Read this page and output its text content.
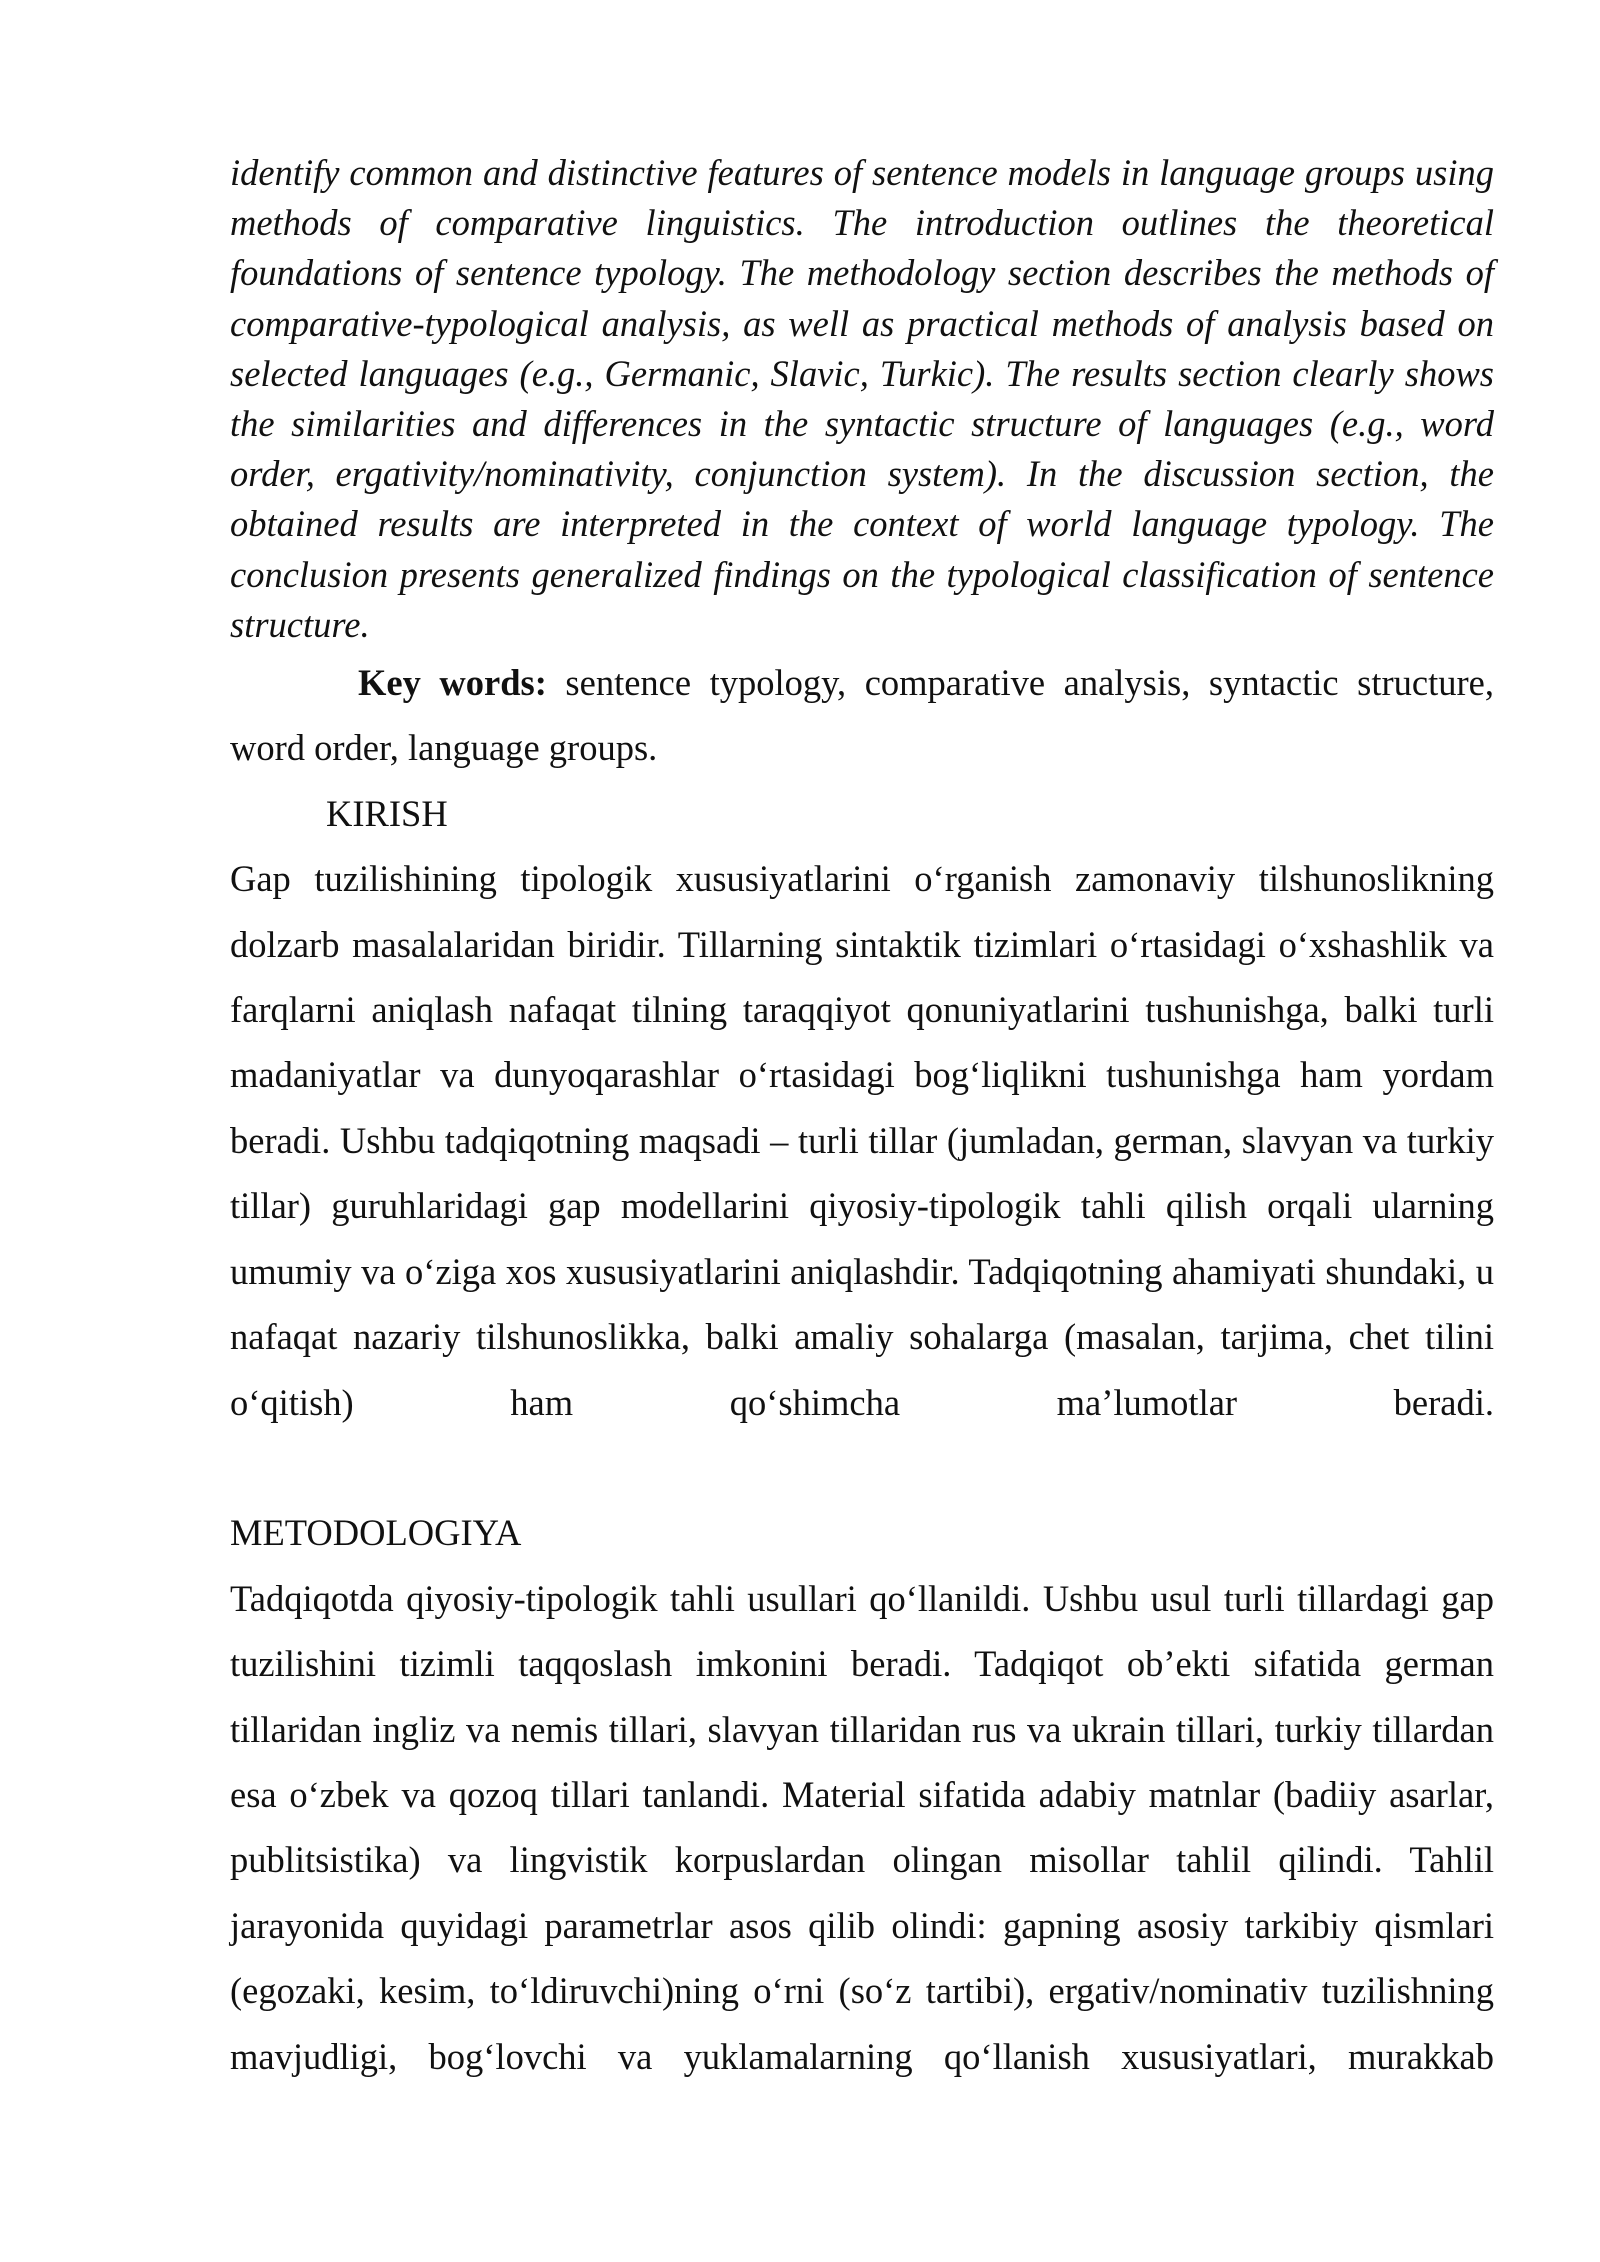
identify common and distinctive features of sentence models in language groups using methods of comparative linguistics. The introduction outlines the theoretical foundations of sentence typology. The methodology section describes the methods of comparative-typological analysis, as well as practical methods of analysis based on selected languages (e.g., Germanic, Slavic, Turkic). The results section clearly shows the similarities and differences in the syntactic structure of languages (e.g., word order, ergativity/nominativity, conjunction system). In the discussion section, the obtained results are interpreted in the context of world language typology. The conclusion presents generalized findings on the typological classification of sentence structure.

Key words: sentence typology, comparative analysis, syntactic structure, word order, language groups.

KIRISH

Gap tuzilishining tipologik xususiyatlarini o‘rganish zamonaviy tilshunoslikning dolzarb masalalaridan biridir. Tillarning sintaktik tizimlari o‘rtasidagi o‘xshashlik va farqlarni aniqlash nafaqat tilning taraqqiyot qonuniyatlarini tushunishga, balki turli madaniyatlar va dunyoqarashlar o‘rtasidagi bog‘liqlikni tushunishga ham yordam beradi. Ushbu tadqiqotning maqsadi – turli tillar (jumladan, german, slavyan va turkiy tillar) guruhlaridagi gap modellarini qiyosiy-tipologik tahli qilish orqali ularning umumiy va o‘ziga xos xususiyatlarini aniqlashdir. Tadqiqotning ahamiyati shundaki, u nafaqat nazariy tilshunoslikka, balki amaliy sohalarga (masalan, tarjima, chet tilini o‘qitish) ham qo‘shimcha ma’lumotlar beradi.

METODOLOGIYA

Tadqiqotda qiyosiy-tipologik tahli usullari qo‘llanildi. Ushbu usul turli tillardagi gap tuzilishini tizimli taqqoslash imkonini beradi. Tadqiqot ob’ekti sifatida german tillaridan ingliz va nemis tillari, slavyan tillaridan rus va ukrain tillari, turkiy tillardan esa o‘zbek va qozoq tillari tanlandi. Material sifatida adabiy matnlar (badiiy asarlar, publitsistika) va lingvistik korpuslardan olingan misollar tahlil qilindi. Tahlil jarayonida quyidagi parametrlar asos qilib olindi: gapning asosiy tarkibiy qismlari (egozaki, kesim, to‘ldiruvchi)ning o‘rni (so‘z tartibi), ergativ/nominativ tuzilishning mavjudligi, bog‘lovchi va yuklamalarning qo‘llanish xususiyatlari, murakkab
